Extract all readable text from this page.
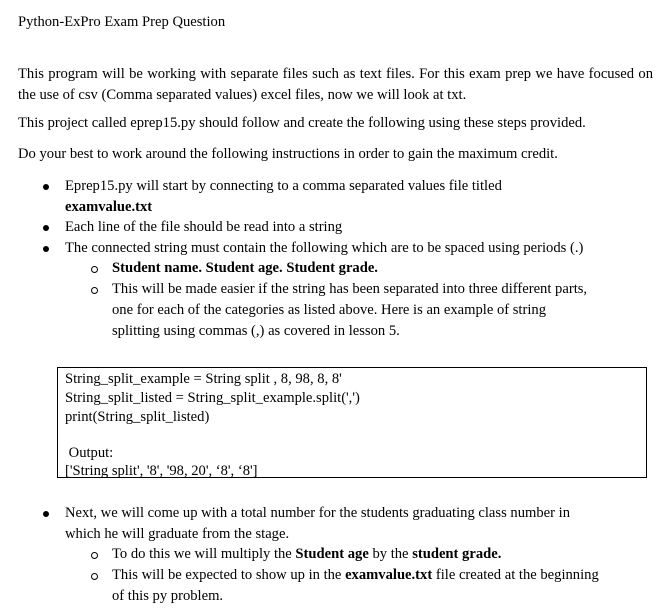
Python-ExPro Exam Prep Question
This program will be working with separate files such as text files. For this exam prep we have focused on the use of csv (Comma separated values) excel files, now we will look at txt.
This project called eprep15.py should follow and create the following using these steps provided.
Do your best to work around the following instructions in order to gain the maximum credit.
Eprep15.py will start by connecting to a comma separated values file titled
examvalue.txt
Each line of the file should be read into a string
The connected string must contain the following which are to be spaced using periods (.)
Student name. Student age. Student grade.
This will be made easier if the string has been separated into three different parts,
one for each of the categories as listed above. Here is an example of string
splitting using commas (,) as covered in lesson 5.
String_split_example = String split , 8, 98, 8, 8'
String_split_listed = String_split_example.split(',')
print(String_split_listed)
Output:
['String split', '8', '98, 20', ‘8', ‘8']
Next, we will come up with a total number for the students graduating class number in
which he will graduate from the stage.
To do this we will multiply the Student age by the student grade.
This will be expected to show up in the examvalue.txt file created at the beginning
of this py problem.
